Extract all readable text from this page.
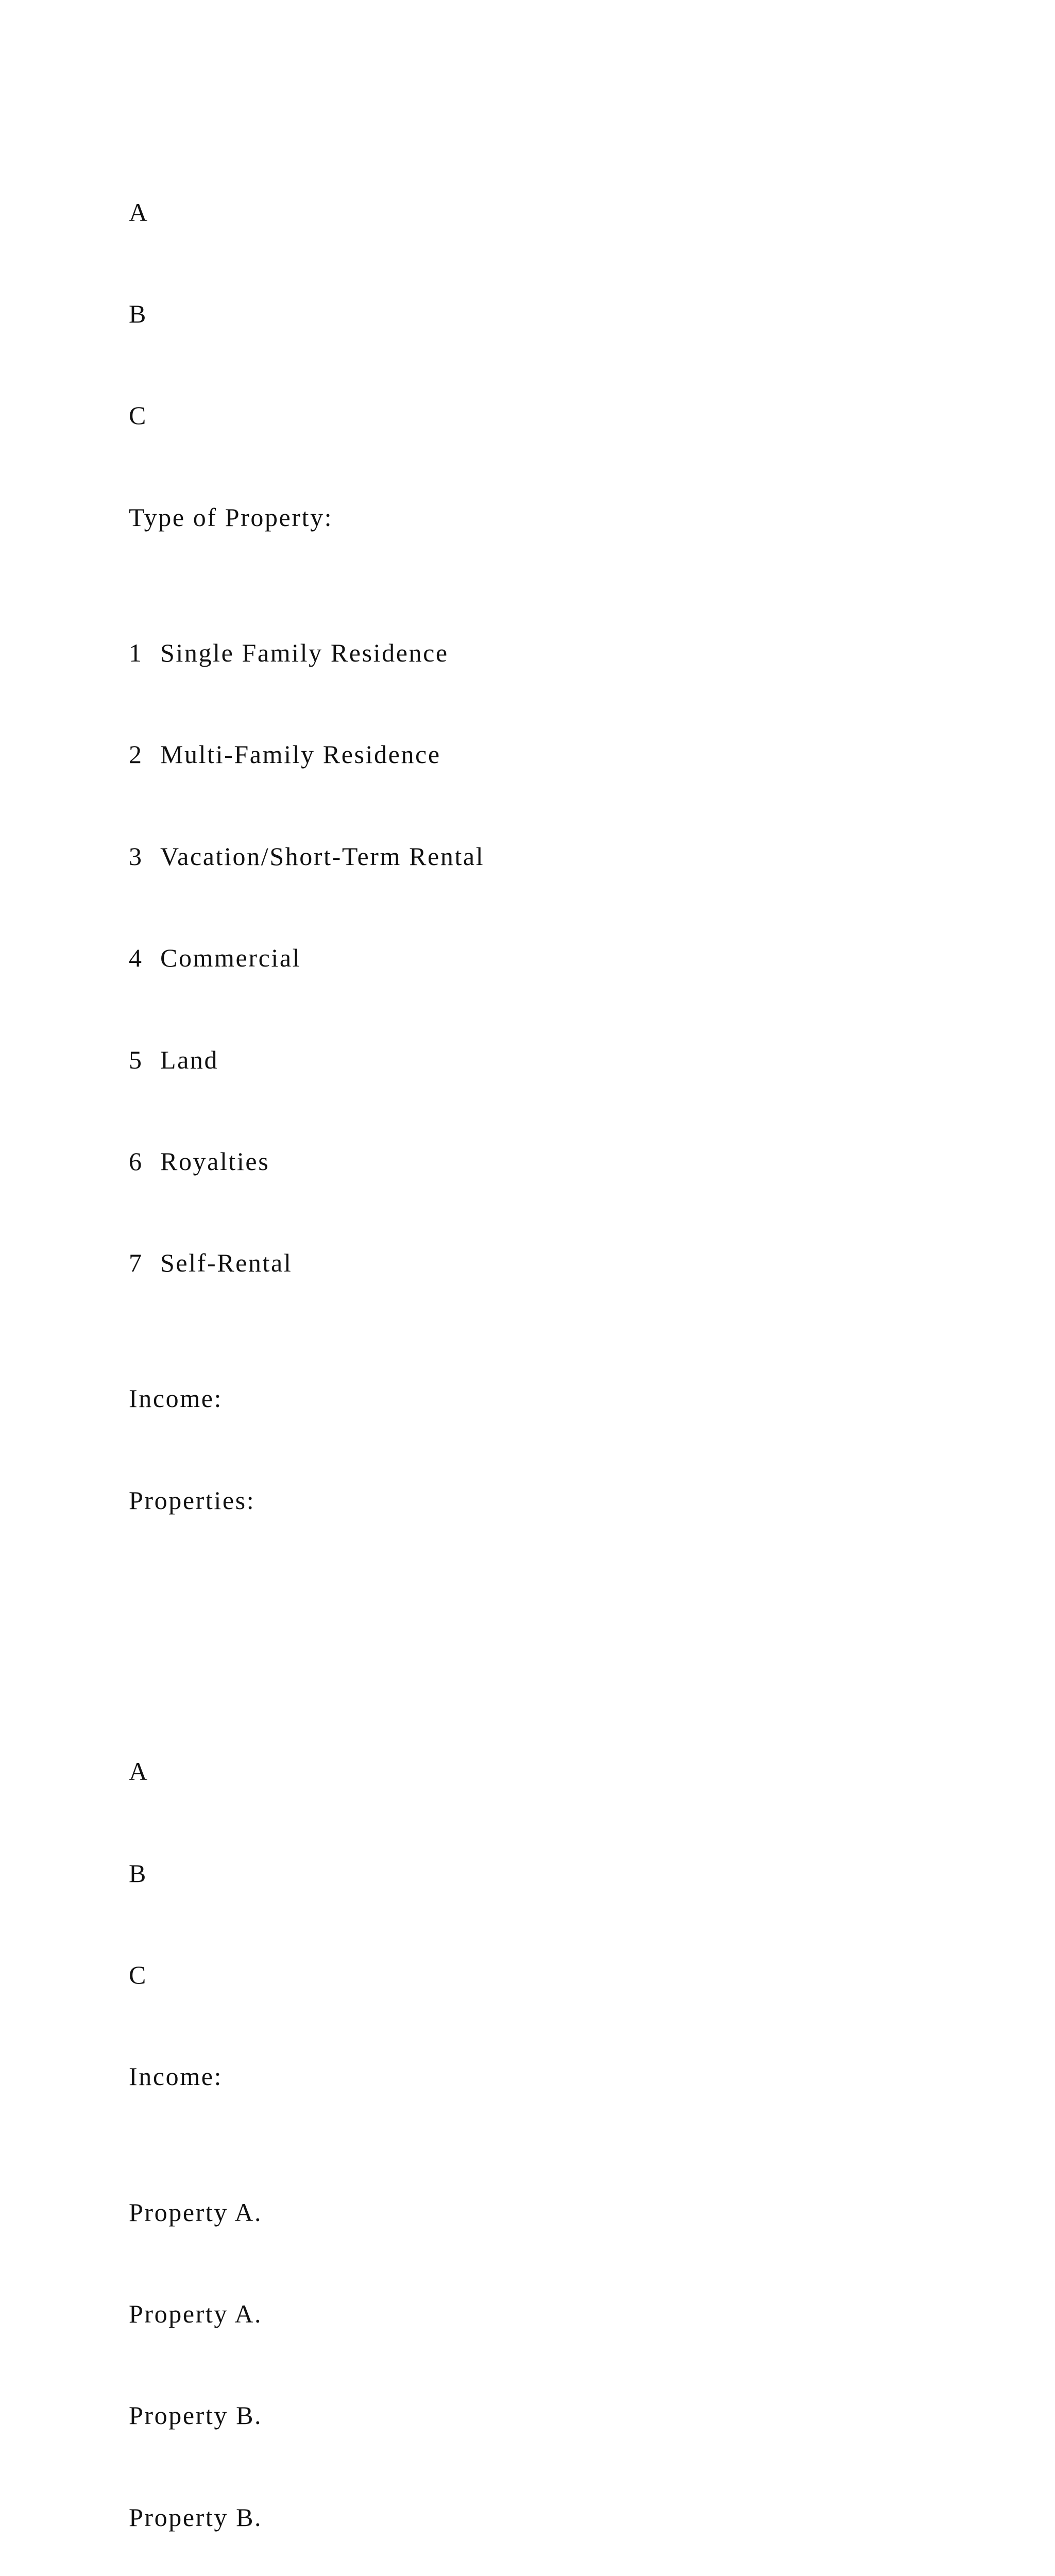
A

B

C

Type of Property:

1 Single Family Residence

2 Multi-Family Residence

3 Vacation/Short-Term Rental

4 Commercial

5 Land

6 Royalties

7 Self-Rental

Income:

Properties:

A

B

C

Income:

Property A.

Property A.

Property B.

Property B.
